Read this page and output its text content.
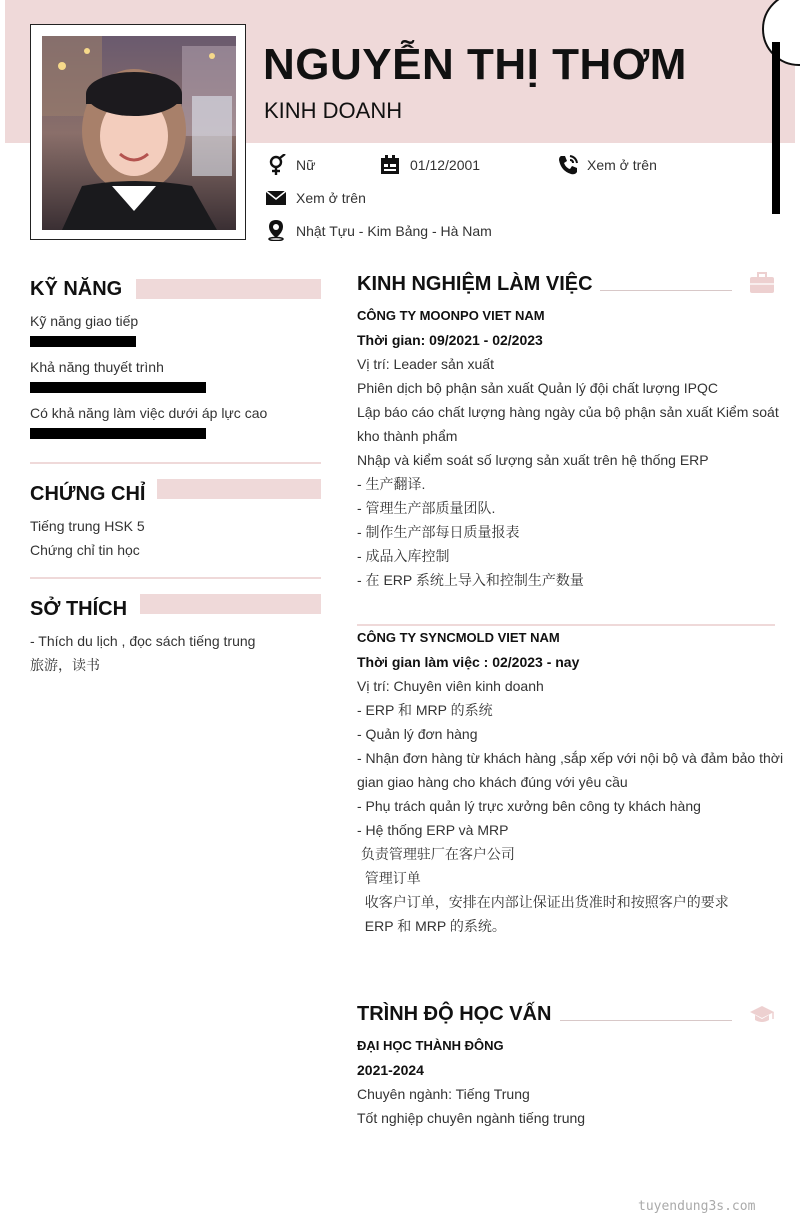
NGUYỄN THỊ THƠM
KINH DOANH
Nữ	01/12/2001	Xem ở trên
Xem ở trên
Nhật Tựu - Kim Bảng - Hà Nam
KỸ NĂNG
Kỹ năng giao tiếp
Khả năng thuyết trình
Có khả năng làm việc dưới áp lực cao
CHỨNG CHỈ
Tiếng trung HSK 5
Chứng chỉ tin học
SỞ THÍCH
- Thích du lịch , đọc sách tiếng trung
旅游，读书
KINH NGHIỆM LÀM VIỆC
CÔNG TY MOONPO VIET NAM
Thời gian: 09/2021 - 02/2023
Vị trí: Leader sản xuất
Phiên dịch bộ phận sản xuất Quản lý đội chất lượng IPQC
Lập báo cáo chất lượng hàng ngày của bộ phận sản xuất Kiểm soát
kho thành phẩm
Nhập và kiểm soát số lượng sản xuất trên hệ thống ERP
- 生产翻译.
- 管理生产部质量团队.
- 制作生产部每日质量报表
- 成品入库控制
- 在 ERP 系统上导入和控制生产数量
CÔNG TY SYNCMOLD VIET NAM
Thời gian làm việc : 02/2023 - nay
Vị trí: Chuyên viên kinh doanh
- ERP 和 MRP 的系统
- Quản lý đơn hàng
- Nhận đơn hàng từ khách hàng ,sắp xếp với nội bộ và đảm bảo thời
gian giao hàng cho khách đúng với yêu cầu
- Phụ trách quản lý trực xưởng bên công ty khách hàng
- Hệ thống ERP và MRP
负责管理驻厂在客户公司
管理订单
收客户订单，安排在内部让保证出货准时和按照客户的要求
ERP 和 MRP 的系统。
TRÌNH ĐỘ HỌC VẤN
ĐẠI HỌC THÀNH ĐÔNG
2021-2024
Chuyên ngành: Tiếng Trung
Tốt nghiệp chuyên ngành tiếng trung
tuyendung3s.com
